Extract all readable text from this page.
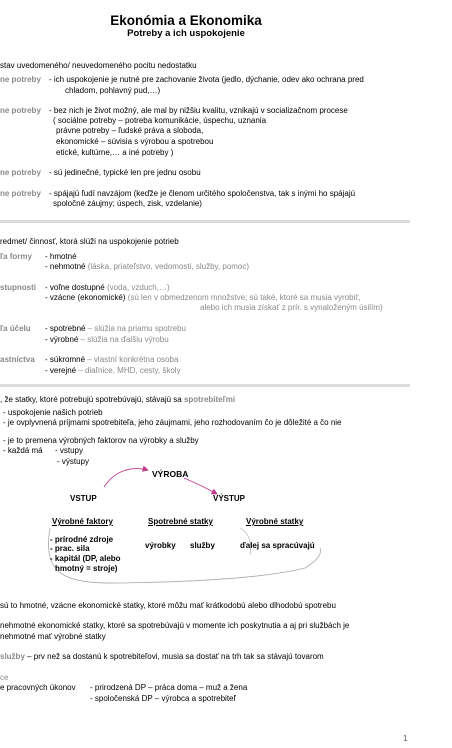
Ekonómia a Ekonomika
Potreby a ich uspokojenie
stav uvedomeného/ neuvedomeného pocitu nedostatku
ne potreby - ich uspokojenie je nutné pre zachovanie života (jedlo, dýchanie, odev ako ochrana pred
chladom, pohlavný pud,…)
ne potreby - bez nich je život možný, ale mal by nižšiu kvalitu, vznikajú v socializačnom procese
( sociálne potreby – potreba komunikácie, úspechu, uznania
právne potreby – ľudské práva a sloboda,
ekonomické – súvisia s výrobou a spotrebou
etické, kultúrne,… a iné potreby )
ne potreby - sú jedinečné, typické len pre jednu osobu
ne potreby - spájajú ľudí navzájom (keďže je členom určitého spoločenstva, tak s inými ho spájajú
spoločné záujmy; úspech, zisk, vzdelanie)
redmet/ činnosť, ktorá slúži na uspokojenie potrieb
ľa formy - hmotné
- nehmotné (láska, priateľstvo, vedomosti, služby, pomoc)
stupnosti - voľne dostupné (voda, vzduch,…)
- vzácne (ekonomické) (sú len v obmedzenom množstve; sú také, ktoré sa musia vyrobiť,
alebo ich musia získať z prír. s vynaloženým úsilím)
ľa účelu - spotrebné – slúžia na priamu spotrebu
- výrobné – slúžia na ďalšiu výrobu
astníctva - súkromné – vlastní konkrétna osoba
- verejné – diaľnice, MHD, cesty, školy
, že statky, ktoré potrebujú spotrebúvajú, stávajú sa spotrebiteľmi
- uspokojenie našich potrieb
- je ovplyvnená príjmami spotrebiteľa, jeho záujmami, jeho rozhodovaním čo je dôležité a čo nie
- je to premena výrobných faktorov na výrobky a služby
- každá má - vstupy
- výstupy
VÝROBA
VSTUP	VÝSTUP
Výrobné faktory
- prírodné zdroje
- prac. sila
- kapitál (DP, alebo
hmotný = stroje)
Spotrebné statky
výrobky služby
Výrobné statky
ďalej sa spracúvajú
sú to hmotné, vzácne ekonomické statky, ktoré môžu mať krátkodobú alebo dlhodobú spotrebu
nehmotné ekonomické statky, ktoré sa spotrebúvajú v momente ich poskytnutia a aj pri službách je
nehmotné mať výrobné statky
služby – prv než sa dostanú k spotrebiteľovi, musia sa dostať na trh tak sa stávajú tovarom
ce
e pracovných úkonov - prirodzená DP – práca doma – muž a žena
- spoločenská DP – výrobca a spotrebiteľ
1
